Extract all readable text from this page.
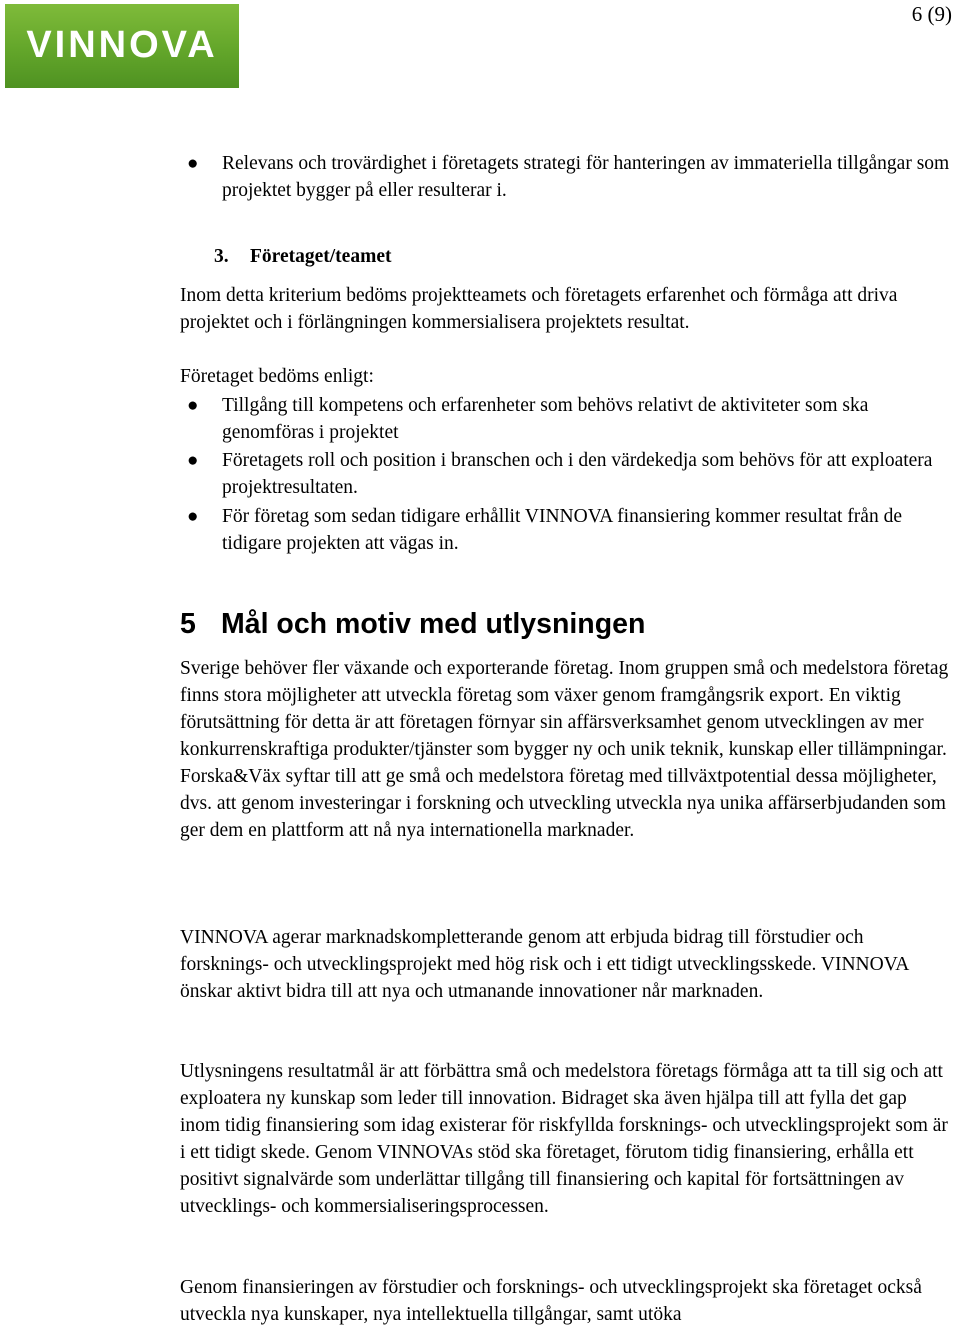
VINNOVA
6 (9)
● Relevans och trovärdighet i företagets strategi för hanteringen av immateriella tillgångar som projektet bygger på eller resulterar i.
3. Företaget/teamet

Inom detta kriterium bedöms projektteamets och företagets erfarenhet och förmåga att driva projektet och i förlängningen kommersialisera projektets resultat.

Företaget bedöms enligt:

● Tillgång till kompetens och erfarenheter som behövs relativt de aktiviteter som ska genomföras i projektet
● Företagets roll och position i branschen och i den värdekedja som behövs för att exploatera projektresultaten.
● För företag som sedan tidigare erhållit VINNOVA finansiering kommer resultat från de tidigare projekten att vägas in.
5 Mål och motiv med utlysningen

Sverige behöver fler växande och exporterande företag. Inom gruppen små och medelstora företag finns stora möjligheter att utveckla företag som växer genom framgångsrik export. En viktig förutsättning för detta är att företagen förnyar sin affärsverksamhet genom utvecklingen av mer konkurrenskraftiga produkter/tjänster som bygger ny och unik teknik, kunskap eller tillämpningar. Forska&Väx syftar till att ge små och medelstora företag med tillväxtpotential dessa möjligheter, dvs. att genom investeringar i forskning och utveckling utveckla nya unika affärserbjudanden som ger dem en plattform att nå nya internationella marknader.

VINNOVA agerar marknadskompletterande genom att erbjuda bidrag till förstudier och forsknings- och utvecklingsprojekt med hög risk och i ett tidigt utvecklingsskede. VINNOVA önskar aktivt bidra till att nya och utmanande innovationer når marknaden.

Utlysningens resultatmål är att förbättra små och medelstora företags förmåga att ta till sig och att exploatera ny kunskap som leder till innovation. Bidraget ska även hjälpa till att fylla det gap inom tidig finansiering som idag existerar för riskfyllda forsknings- och utvecklingsprojekt som är i ett tidigt skede. Genom VINNOVAs stöd ska företaget, förutom tidig finansiering, erhålla ett positivt signalvärde som underlättar tillgång till finansiering och kapital för fortsättningen av utvecklings- och kommersialiseringsprocessen.

Genom finansieringen av förstudier och forsknings- och utvecklingsprojekt ska företaget också utveckla nya kunskaper, nya intellektuella tillgångar, samt utöka
